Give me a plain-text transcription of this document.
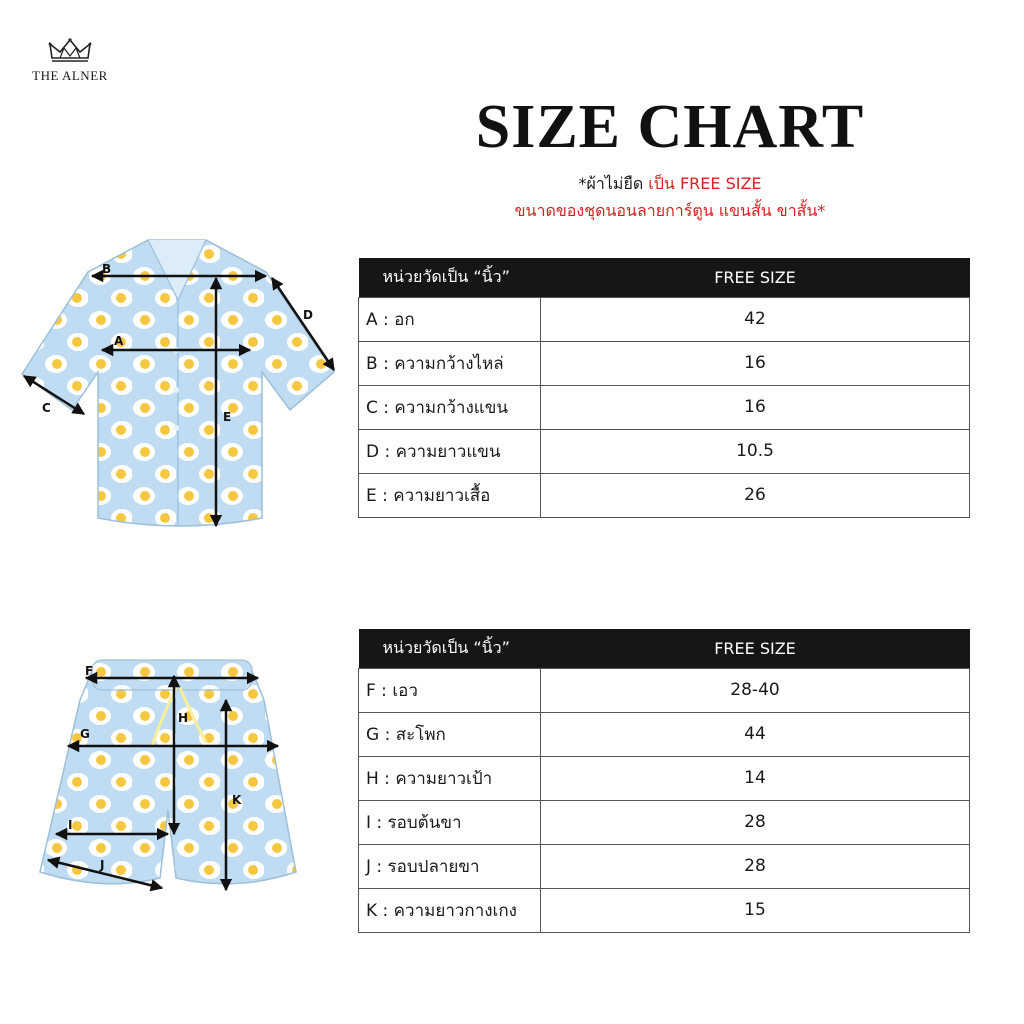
THE ALNER
SIZE CHART
*ผ้าไม่ยืด เป็น FREE SIZE
ขนาดของชุดนอนลายการ์ตูน แขนสั้น ขาสั้น*
B
A
C
D
E
F
G
H
I
J
K
หน่วยวัดเป็น “นิ้ว”	FREE SIZE
A : อก	42
B : ความกว้างไหล่	16
C : ความกว้างแขน	16
D : ความยาวแขน	10.5
E : ความยาวเสื้อ	26
หน่วยวัดเป็น “นิ้ว”	FREE SIZE
F : เอว	28-40
G : สะโพก	44
H : ความยาวเป้า	14
I : รอบต้นขา	28
J : รอบปลายขา	28
K : ความยาวกางเกง	15
